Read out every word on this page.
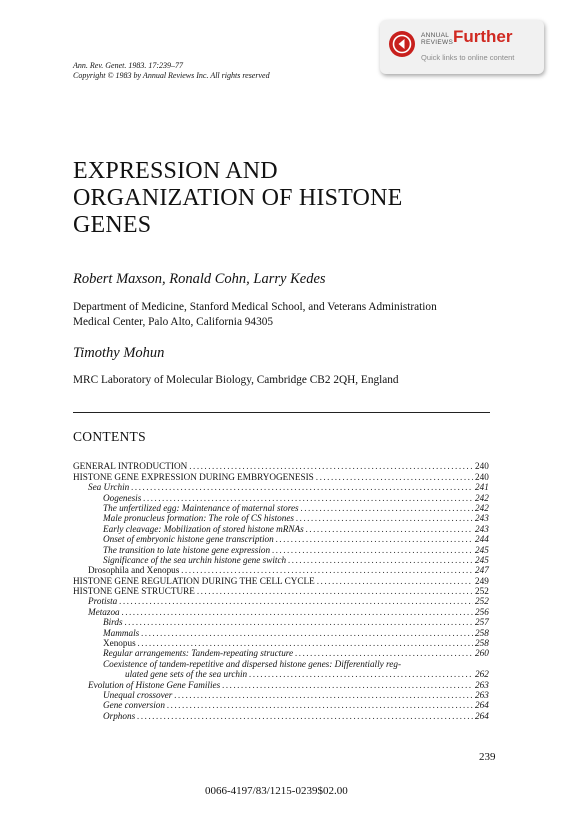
Ann. Rev. Genet. 1983. 17:239–77
Copyright © 1983 by Annual Reviews Inc. All rights reserved
ANNUAL
REVIEWS Further
Quick links to online content
EXPRESSION AND
ORGANIZATION OF HISTONE
GENES
Robert Maxson, Ronald Cohn, Larry Kedes
Department of Medicine, Stanford Medical School, and Veterans Administration
Medical Center, Palo Alto, California 94305
Timothy Mohun
MRC Laboratory of Molecular Biology, Cambridge CB2 2QH, England
CONTENTS
GENERAL INTRODUCTION .....	240
HISTONE GENE EXPRESSION DURING EMBRYOGENESIS .....	240
Sea Urchin .....	241
Oogenesis .....	242
The unfertilized egg: Maintenance of maternal stores .....	242
Male pronucleus formation: The role of CS histones .....	243
Early cleavage: Mobilization of stored histone mRNAs .....	243
Onset of embryonic histone gene transcription .....	244
The transition to late histone gene expression .....	245
Significance of the sea urchin histone gene switch .....	245
Drosophila and Xenopus .....	247
HISTONE GENE REGULATION DURING THE CELL CYCLE .....	249
HISTONE GENE STRUCTURE .....	252
Protista .....	252
Metazoa .....	256
Birds .....	257
Mammals .....	258
Xenopus .....	258
Regular arrangements: Tandem-repeating structure .....	260
Coexistence of tandem-repetitive and dispersed histone genes: Differentially reg-
ulated gene sets of the sea urchin .....	262
Evolution of Histone Gene Families .....	263
Unequal crossover .....	263
Gene conversion .....	264
Orphons .....	264
239
0066-4197/83/1215-0239$02.00
